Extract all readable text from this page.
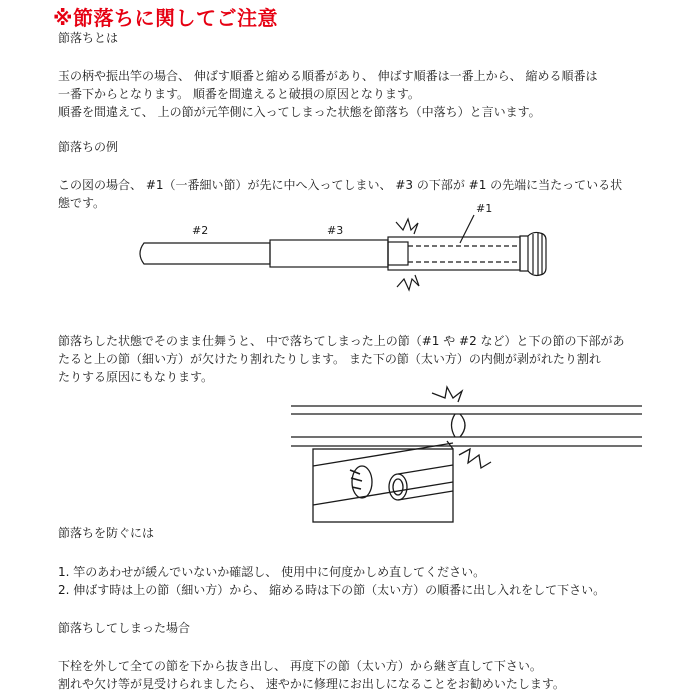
※節落ちに関してご注意
節落ちとは
玉の柄や振出竿の場合、 伸ばす順番と縮める順番があり、 伸ばす順番は一番上から、 縮める順番は
一番下からとなります。 順番を間違えると破損の原因となります。
順番を間違えて、 上の節が元竿側に入ってしまった状態を節落ち（中落ち）と言います。
節落ちの例
この図の場合、 #1（一番細い節）が先に中へ入ってしまい、 #3 の下部が #1 の先端に当たっている状
態です。
#2	#3
#1
節落ちした状態でそのまま仕舞うと、 中で落ちてしまった上の節（#1 や #2 など）と下の節の下部があ
たると上の節（細い方）が欠けたり割れたりします。 また下の節（太い方）の内側が剥がれたり割れ
たりする原因にもなります。
節落ちを防ぐには
1. 竿のあわせが緩んでいないか確認し、 使用中に何度かしめ直してください。
2. 伸ばす時は上の節（細い方）から、 縮める時は下の節（太い方）の順番に出し入れをして下さい。
節落ちしてしまった場合
下栓を外して全ての節を下から抜き出し、 再度下の節（太い方）から継ぎ直して下さい。
割れや欠け等が見受けられましたら、 速やかに修理にお出しになることをお勧めいたします。
